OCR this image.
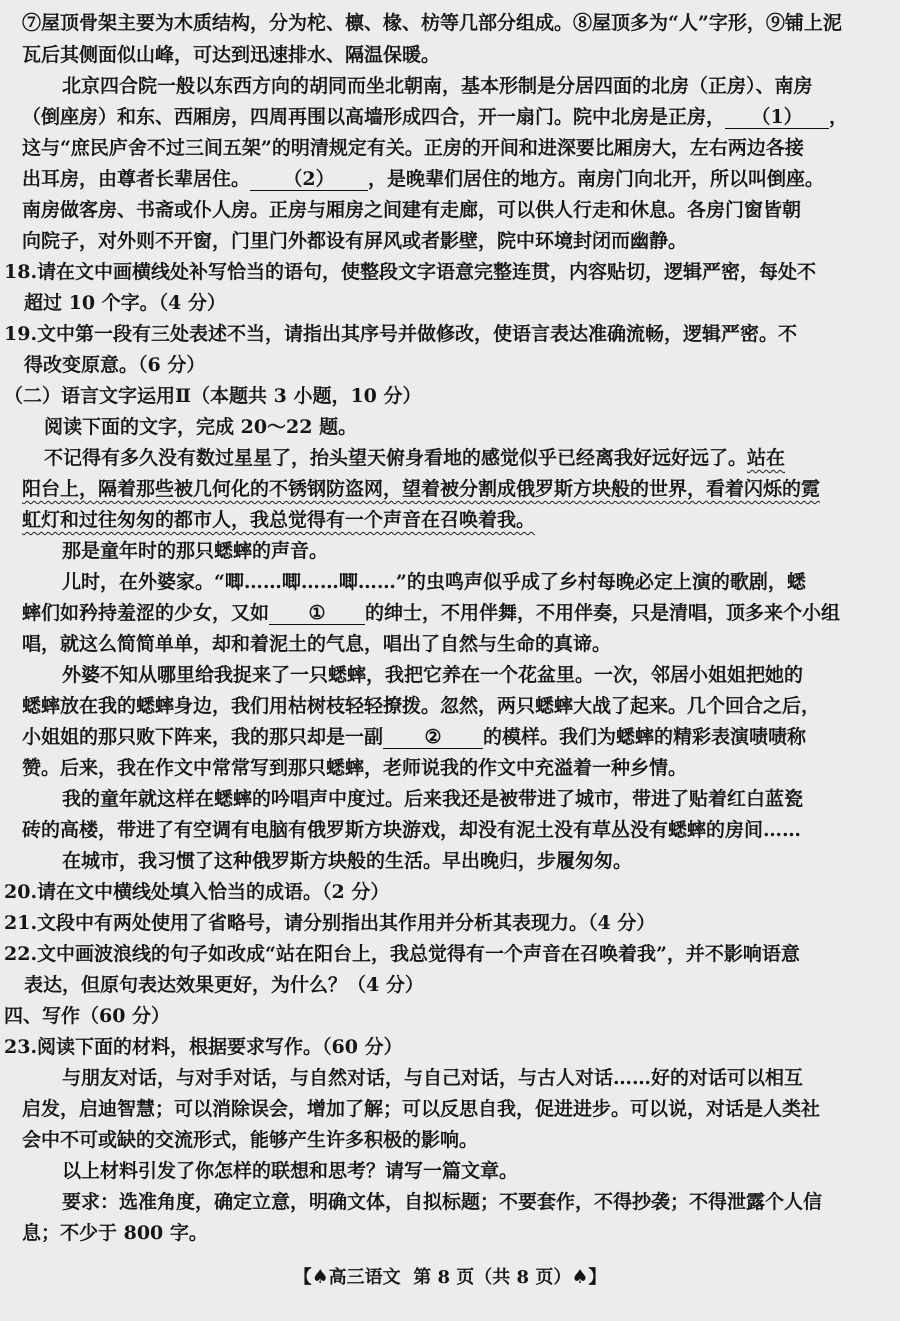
⑦屋顶骨架主要为木质结构，分为柁、檩、椽、枋等几部分组成。⑧屋顶多为“人”字形，⑨铺上泥
瓦后其侧面似山峰，可达到迅速排水、隔温保暖。
北京四合院一般以东西方向的胡同而坐北朝南，基本形制是分居四面的北房（正房）、南房
（倒座房）和东、西厢房，四周再围以高墙形成四合，开一扇门。院中北房是正房， （1） ，
这与“庶民庐舍不过三间五架”的明清规定有关。正房的开间和进深要比厢房大，左右两边各接
出耳房，由尊者长辈居住。 （2） ，是晚辈们居住的地方。南房门向北开，所以叫倒座。
南房做客房、书斋或仆人房。正房与厢房之间建有走廊，可以供人行走和休息。各房门窗皆朝
向院子，对外则不开窗，门里门外都设有屏风或者影壁，院中环境封闭而幽静。
18.请在文中画横线处补写恰当的语句，使整段文字语意完整连贯，内容贴切，逻辑严密，每处不
超过 10 个字。（4 分）
19.文中第一段有三处表述不当，请指出其序号并做修改，使语言表达准确流畅，逻辑严密。不
得改变原意。（6 分）
（二）语言文字运用Ⅱ（本题共 3 小题，10 分）
阅读下面的文字，完成 20～22 题。
不记得有多久没有数过星星了，抬头望天俯身看地的感觉似乎已经离我好远好远了。站在
阳台上，隔着那些被几何化的不锈钢防盗网，望着被分割成俄罗斯方块般的世界，看着闪烁的霓
虹灯和过往匆匆的都市人，我总觉得有一个声音在召唤着我。
那是童年时的那只蟋蟀的声音。
儿时，在外婆家。“唧……唧……唧……”的虫鸣声似乎成了乡村每晚必定上演的歌剧，蟋
蟀们如矜持羞涩的少女，又如 ① 的绅士，不用伴舞，不用伴奏，只是清唱，顶多来个小组
唱，就这么简简单单，却和着泥土的气息，唱出了自然与生命的真谛。
外婆不知从哪里给我捉来了一只蟋蟀，我把它养在一个花盆里。一次，邻居小姐姐把她的
蟋蟀放在我的蟋蟀身边，我们用枯树枝轻轻撩拨。忽然，两只蟋蟀大战了起来。几个回合之后，
小姐姐的那只败下阵来，我的那只却是一副 ② 的模样。我们为蟋蟀的精彩表演啧啧称
赞。后来，我在作文中常常写到那只蟋蟀，老师说我的作文中充溢着一种乡情。
我的童年就这样在蟋蟀的吟唱声中度过。后来我还是被带进了城市，带进了贴着红白蓝瓷
砖的高楼，带进了有空调有电脑有俄罗斯方块游戏，却没有泥土没有草丛没有蟋蟀的房间……
在城市，我习惯了这种俄罗斯方块般的生活。早出晚归，步履匆匆。
20.请在文中横线处填入恰当的成语。（2 分）
21.文段中有两处使用了省略号，请分别指出其作用并分析其表现力。（4 分）
22.文中画波浪线的句子如改成“站在阳台上，我总觉得有一个声音在召唤着我”，并不影响语意
表达，但原句表达效果更好，为什么？（4 分）
四、写作（60 分）
23.阅读下面的材料，根据要求写作。（60 分）
与朋友对话，与对手对话，与自然对话，与自己对话，与古人对话……好的对话可以相互
启发，启迪智慧；可以消除误会，增加了解；可以反思自我，促进进步。可以说，对话是人类社
会中不可或缺的交流形式，能够产生许多积极的影响。
以上材料引发了你怎样的联想和思考？请写一篇文章。
要求：选准角度，确定立意，明确文体，自拟标题；不要套作，不得抄袭；不得泄露个人信
息；不少于 800 字。
【♠高三语文 第 8 页（共 8 页）♠】
